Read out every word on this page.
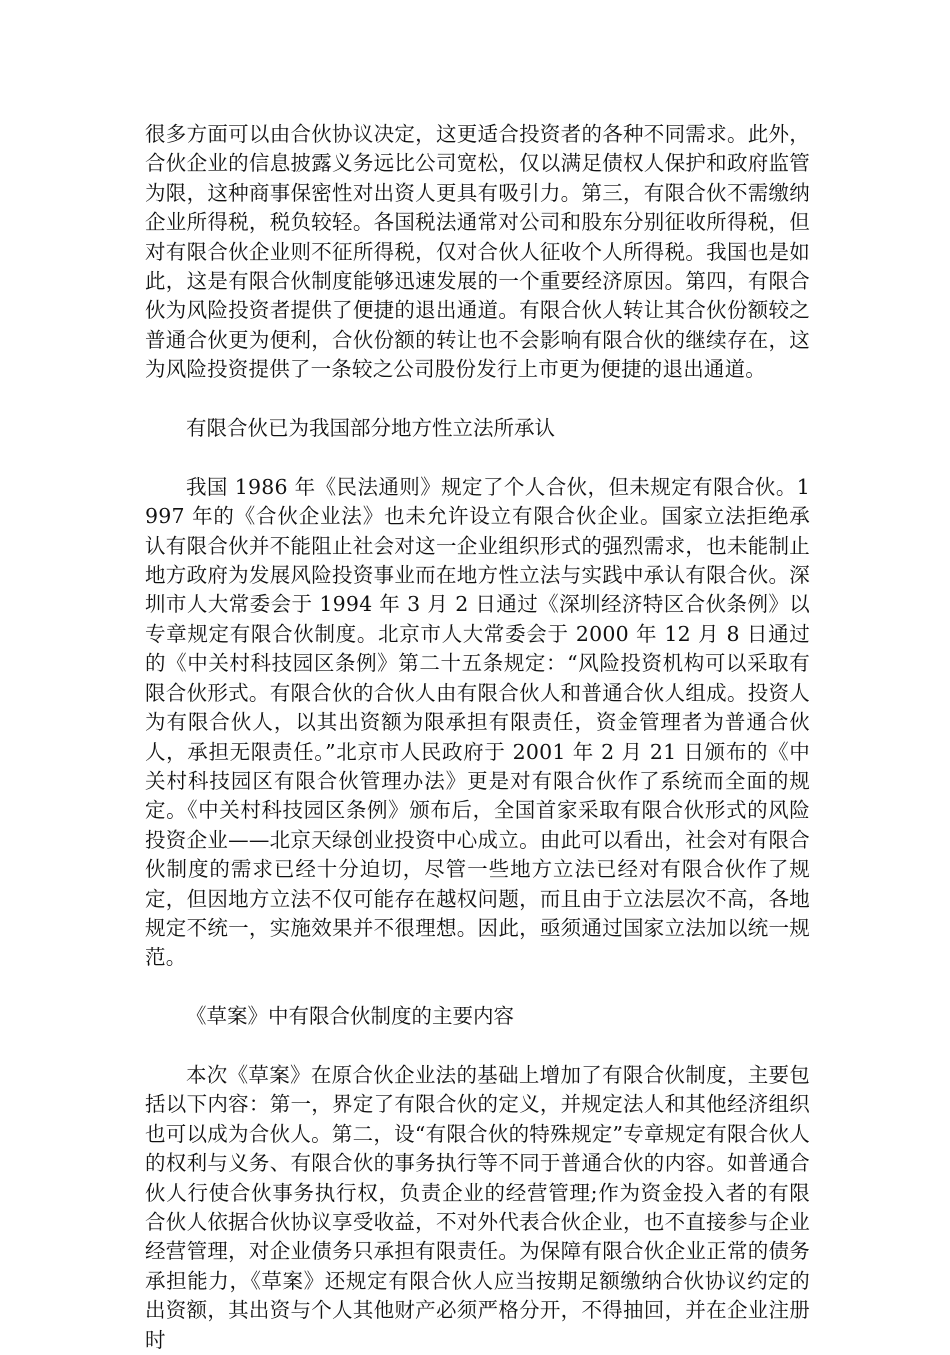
很多方面可以由合伙协议决定，这更适合投资者的各种不同需求。此外，合伙企业的信息披露义务远比公司宽松，仅以满足债权人保护和政府监管为限，这种商事保密性对出资人更具有吸引力。第三，有限合伙不需缴纳企业所得税，税负较轻。各国税法通常对公司和股东分别征收所得税，但对有限合伙企业则不征所得税，仅对合伙人征收个人所得税。我国也是如此，这是有限合伙制度能够迅速发展的一个重要经济原因。第四，有限合伙为风险投资者提供了便捷的退出通道。有限合伙人转让其合伙份额较之普通合伙更为便利，合伙份额的转让也不会影响有限合伙的继续存在，这为风险投资提供了一条较之公司股份发行上市更为便捷的退出通道。

有限合伙已为我国部分地方性立法所承认

我国 1986 年《民法通则》规定了个人合伙，但未规定有限合伙。1997 年的《合伙企业法》也未允许设立有限合伙企业。国家立法拒绝承认有限合伙并不能阻止社会对这一企业组织形式的强烈需求，也未能制止地方政府为发展风险投资事业而在地方性立法与实践中承认有限合伙。深圳市人大常委会于 1994 年 3 月 2 日通过《深圳经济特区合伙条例》以专章规定有限合伙制度。北京市人大常委会于 2000 年 12 月 8 日通过的《中关村科技园区条例》第二十五条规定：“风险投资机构可以采取有限合伙形式。有限合伙的合伙人由有限合伙人和普通合伙人组成。投资人为有限合伙人，以其出资额为限承担有限责任，资金管理者为普通合伙人，承担无限责任。”北京市人民政府于 2001 年 2 月 21 日颁布的《中关村科技园区有限合伙管理办法》更是对有限合伙作了系统而全面的规定。《中关村科技园区条例》颁布后，全国首家采取有限合伙形式的风险投资企业——北京天绿创业投资中心成立。由此可以看出，社会对有限合伙制度的需求已经十分迫切，尽管一些地方立法已经对有限合伙作了规定，但因地方立法不仅可能存在越权问题，而且由于立法层次不高，各地规定不统一，实施效果并不很理想。因此，亟须通过国家立法加以统一规范。

《草案》中有限合伙制度的主要内容

本次《草案》在原合伙企业法的基础上增加了有限合伙制度，主要包括以下内容：第一，界定了有限合伙的定义，并规定法人和其他经济组织也可以成为合伙人。第二，设“有限合伙的特殊规定”专章规定有限合伙人的权利与义务、有限合伙的事务执行等不同于普通合伙的内容。如普通合伙人行使合伙事务执行权，负责企业的经营管理;作为资金投入者的有限合伙人依据合伙协议享受收益，不对外代表合伙企业，也不直接参与企业经营管理，对企业债务只承担有限责任。为保障有限合伙企业正常的债务承担能力，《草案》还规定有限合伙人应当按期足额缴纳合伙协议约定的出资额，其出资与个人其他财产必须严格分开，不得抽回，并在企业注册时
